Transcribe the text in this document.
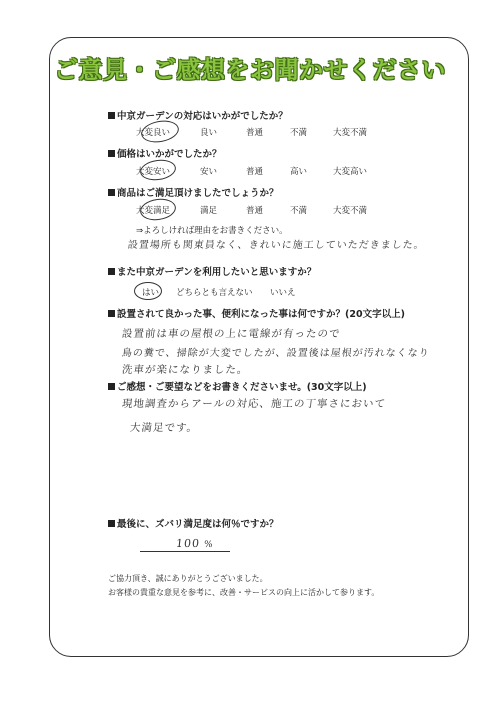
ご意見・ご感想をお聞かせください
中京ガーデンの対応はいかがでしたか？
大変良い	良い	普通	不満	大変不満
価格はいかがでしたか？
大変安い	安い	普通	高い	大変高い
商品はご満足頂けましたでしょうか？
大変満足	満足	普通	不満	大変不満
⇒よろしければ理由をお書きください。
設置場所も関東員なく、きれいに施工していただきました。
また中京ガーデンを利用したいと思いますか？
はい どちらとも言えない いいえ
設置されて良かった事、便利になった事は何ですか？(20文字以上)
設置前は車の屋根の上に電線が有ったので
鳥の糞で、掃除が大変でしたが、設置後は屋根が汚れなくなり
洗車が楽になりました。
ご感想・ご要望などをお書きくださいませ。(30文字以上)
現地調査からアールの対応、施工の丁寧さにおいて
大満足です。
最後に、ズバリ満足度は何％ですか？
100 %
ご協力頂き、誠にありがとうございました。
お客様の貴重な意見を参考に、改善・サービスの向上に活かして参ります。
